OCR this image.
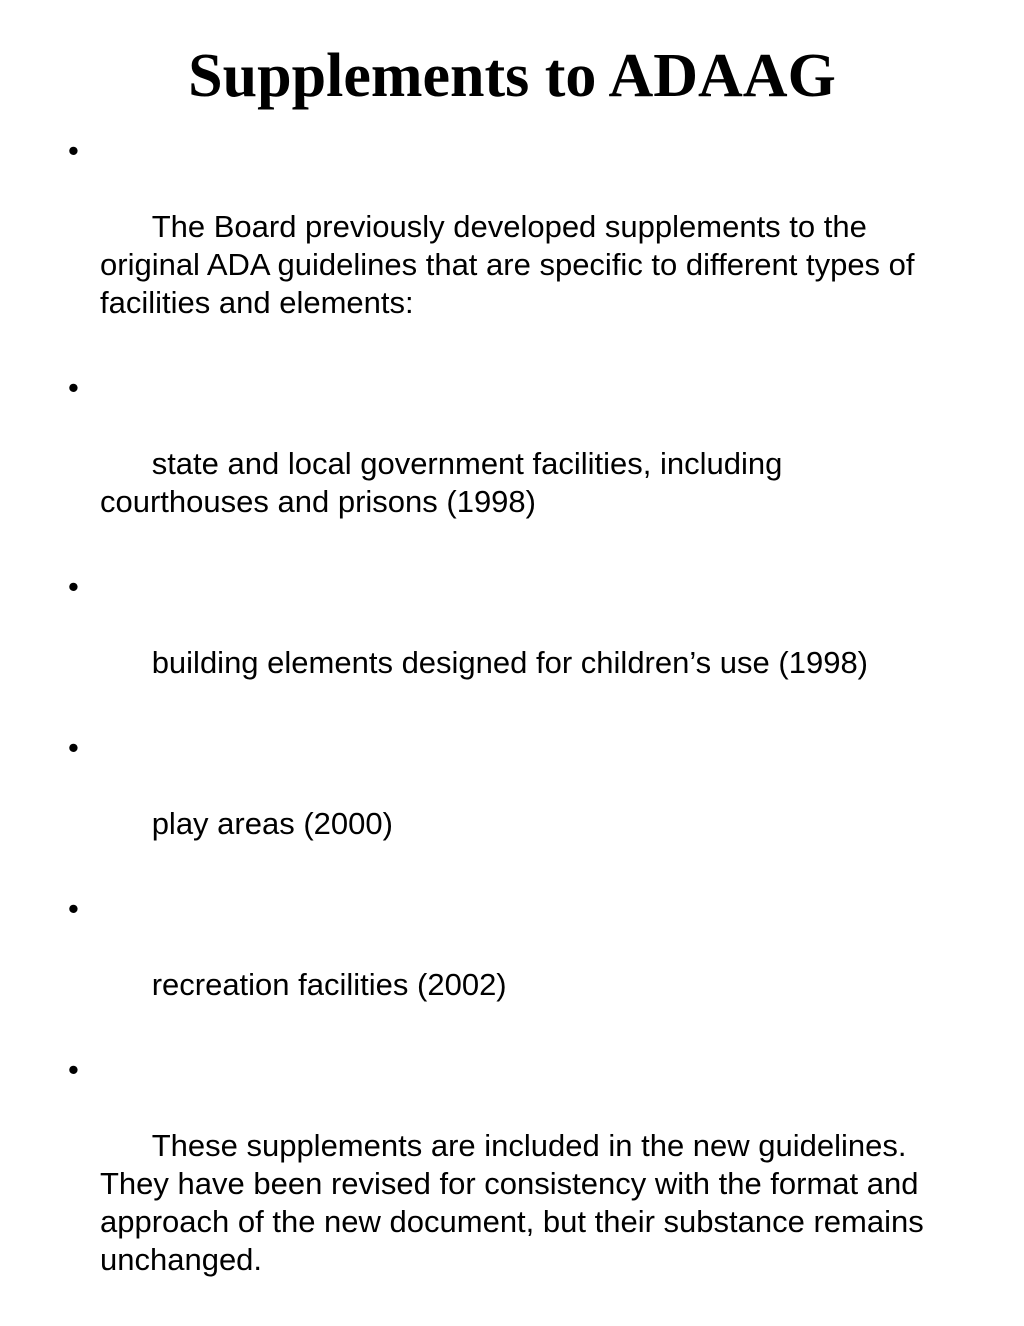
Supplements to ADAAG

•

The Board previously developed supplements to the original ADA guidelines that are specific to different types of facilities and elements:

•

state and local government facilities, including courthouses and prisons (1998)

•

building elements designed for children’s use (1998)

•

play areas (2000)

•

recreation facilities (2002)

•

These supplements are included in the new guidelines.  They have been revised for consistency with the format and approach of the new document, but their substance remains unchanged.
